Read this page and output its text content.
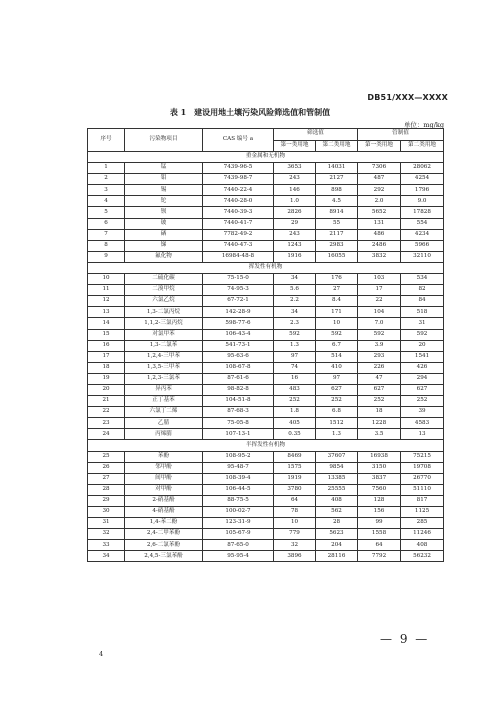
DB51/XXX—XXXX
表 1　建设用地土壤污染风险筛选值和管制值
单位：mg/kg
序号	污染物项目	CAS 编号 a	筛选值		管制值	
			第一类用地	第二类用地	第一类用地	第二类用地
重金属和无机物						
1	锰	7439-96-5	3653	14031	7306	28062
2	钼	7439-98-7	243	2127	487	4254
3	锡	7440-22-4	146	898	292	1796
4	铊	7440-28-0	1.0	4.5	2.0	9.0
5	钡	7440-39-3	2826	8914	5652	17828
6	铍	7440-41-7	29	55	131	554
7	硒	7782-49-2	243	2117	486	4234
8	锑	7440-47-3	1243	2983	2486	5966
9	氟化物	16984-48-8	1916	16055	3832	32110
挥发性有机物						
10	二硫化碳	75-15-0	34	176	103	534
11	二溴甲烷	74-95-3	5.6	27	17	82
12	六氯乙烷	67-72-1	2.2	8.4	22	84
13	1,3-二氯丙烷	142-28-9	34	171	104	518
14	1,1,2-三氯丙烷	598-77-6	2.3	10	7.0	31
15	对氯甲苯	106-43-4	592	592	592	592
16	1,3-二氯苯	541-73-1	1.3	6.7	3.9	20
17	1,2,4-三甲苯	95-63-6	97	514	293	1541
18	1,3,5-三甲苯	108-67-8	74	410	226	426
19	1,2,3-三氯苯	87-61-6	16	97	47	294
20	异丙苯	98-82-8	483	627	627	627
21	正丁基苯	104-51-8	252	252	252	252
22	六氯丁二烯	87-68-3	1.8	6.8	18	39
23	乙腈	75-05-8	405	1512	1228	4583
24	丙烯腈	107-13-1	0.35	1.3	3.5	13
半挥发性有机物						
25	苯酚	108-95-2	8469	37607	16938	75215
26	邻甲酚	95-48-7	1575	9854	3150	19708
27	间甲酚	108-39-4	1919	13385	3837	26770
28	对甲酚	106-44-5	3780	25555	7560	51110
29	2-硝基酚	88-75-5	64	408	128	817
30	4-硝基酚	100-02-7	78	562	156	1125
31	1,4-苯二酚	123-31-9	10	28	99	285
32	2,4-二甲苯酚	105-67-9	779	5623	1558	11246
33	2,6-二氯苯酚	87-65-0	32	204	64	408
34	2,4,5-三氯苯酚	95-95-4	3896	28116	7792	56232
4
— 9 —
